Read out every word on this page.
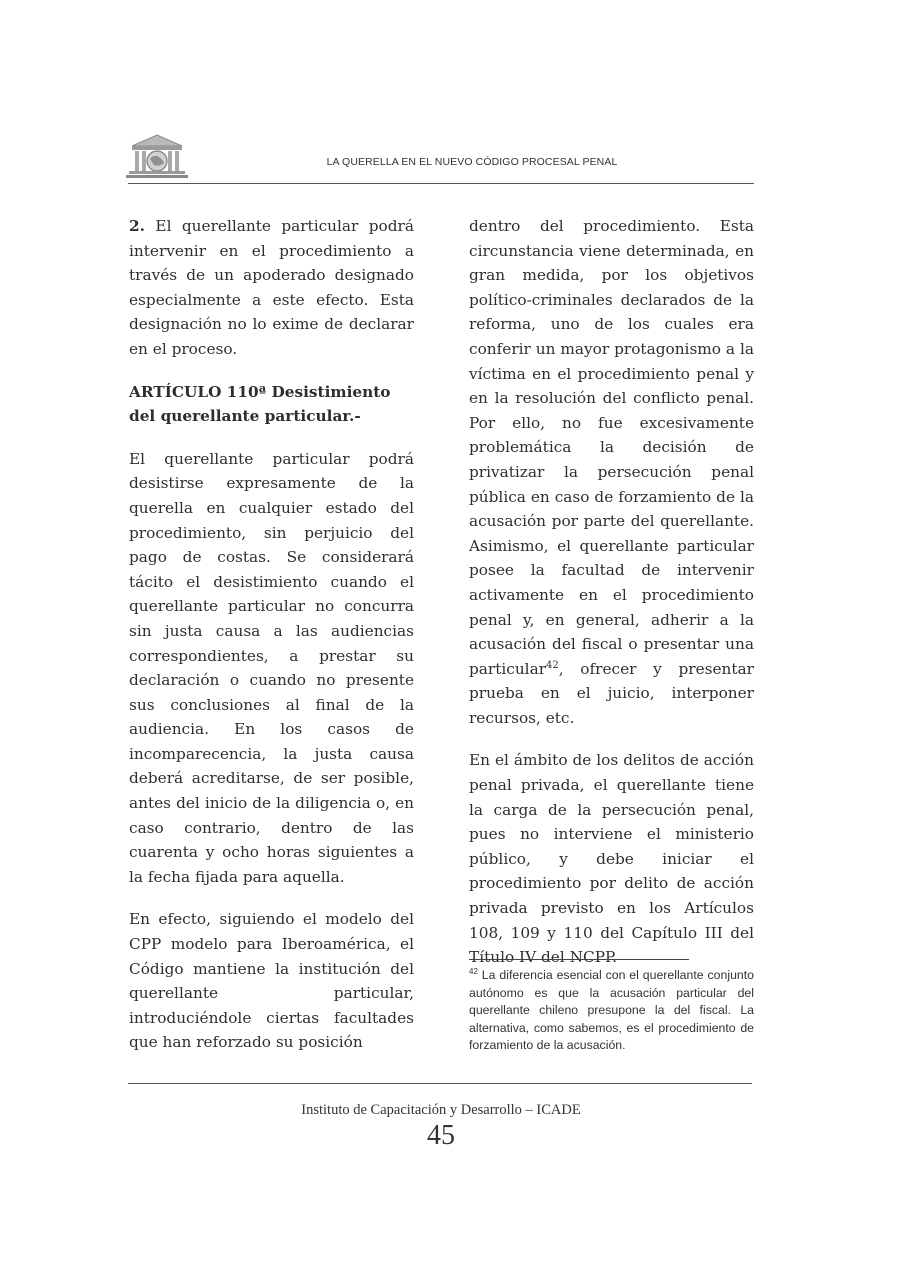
LA QUERELLA EN EL NUEVO CÓDIGO PROCESAL PENAL

2. El querellante particular podrá intervenir en el procedimiento a través de un apoderado designado especialmente a este efecto. Esta designación no lo exime de declarar en el proceso.

ARTÍCULO 110ª Desistimiento del querellante particular.-

El querellante particular podrá desistirse expresamente de la querella en cualquier estado del procedimiento, sin perjuicio del pago de costas. Se considerará tácito el desistimiento cuando el querellante particular no concurra sin justa causa a las audiencias correspondientes, a prestar su declaración o cuando no presente sus conclusiones al final de la audiencia. En los casos de incomparecencia, la justa causa deberá acreditarse, de ser posible, antes del inicio de la diligencia o, en caso contrario, dentro de las cuarenta y ocho horas siguientes a la fecha fijada para aquella.

En efecto, siguiendo el modelo del CPP modelo para Iberoamérica, el Código mantiene la institución del querellante particular, introduciéndole ciertas facultades que han reforzado su posición

dentro del procedimiento. Esta circunstancia viene determinada, en gran medida, por los objetivos político-criminales declarados de la reforma, uno de los cuales era conferir un mayor protagonismo a la víctima en el procedimiento penal y en la resolución del conflicto penal. Por ello, no fue excesivamente problemática la decisión de privatizar la persecución penal pública en caso de forzamiento de la acusación por parte del querellante. Asimismo, el querellante particular posee la facultad de intervenir activamente en el procedimiento penal y, en general, adherir a la acusación del fiscal o presentar una particular$^{42}$, ofrecer y presentar prueba en el juicio, interponer recursos, etc.

En el ámbito de los delitos de acción penal privada, el querellante tiene la carga de la persecución penal, pues no interviene el ministerio público, y debe iniciar el procedimiento por delito de acción privada previsto en los Artículos 108, 109 y 110 del Capítulo III del Título IV del NCPP.

$^{42}$ La diferencia esencial con el querellante conjunto autónomo es que la acusación particular del querellante chileno presupone la del fiscal. La alternativa, como sabemos, es el procedimiento de forzamiento de la acusación.
Instituto de Capacitación y Desarrollo – ICADE
45
